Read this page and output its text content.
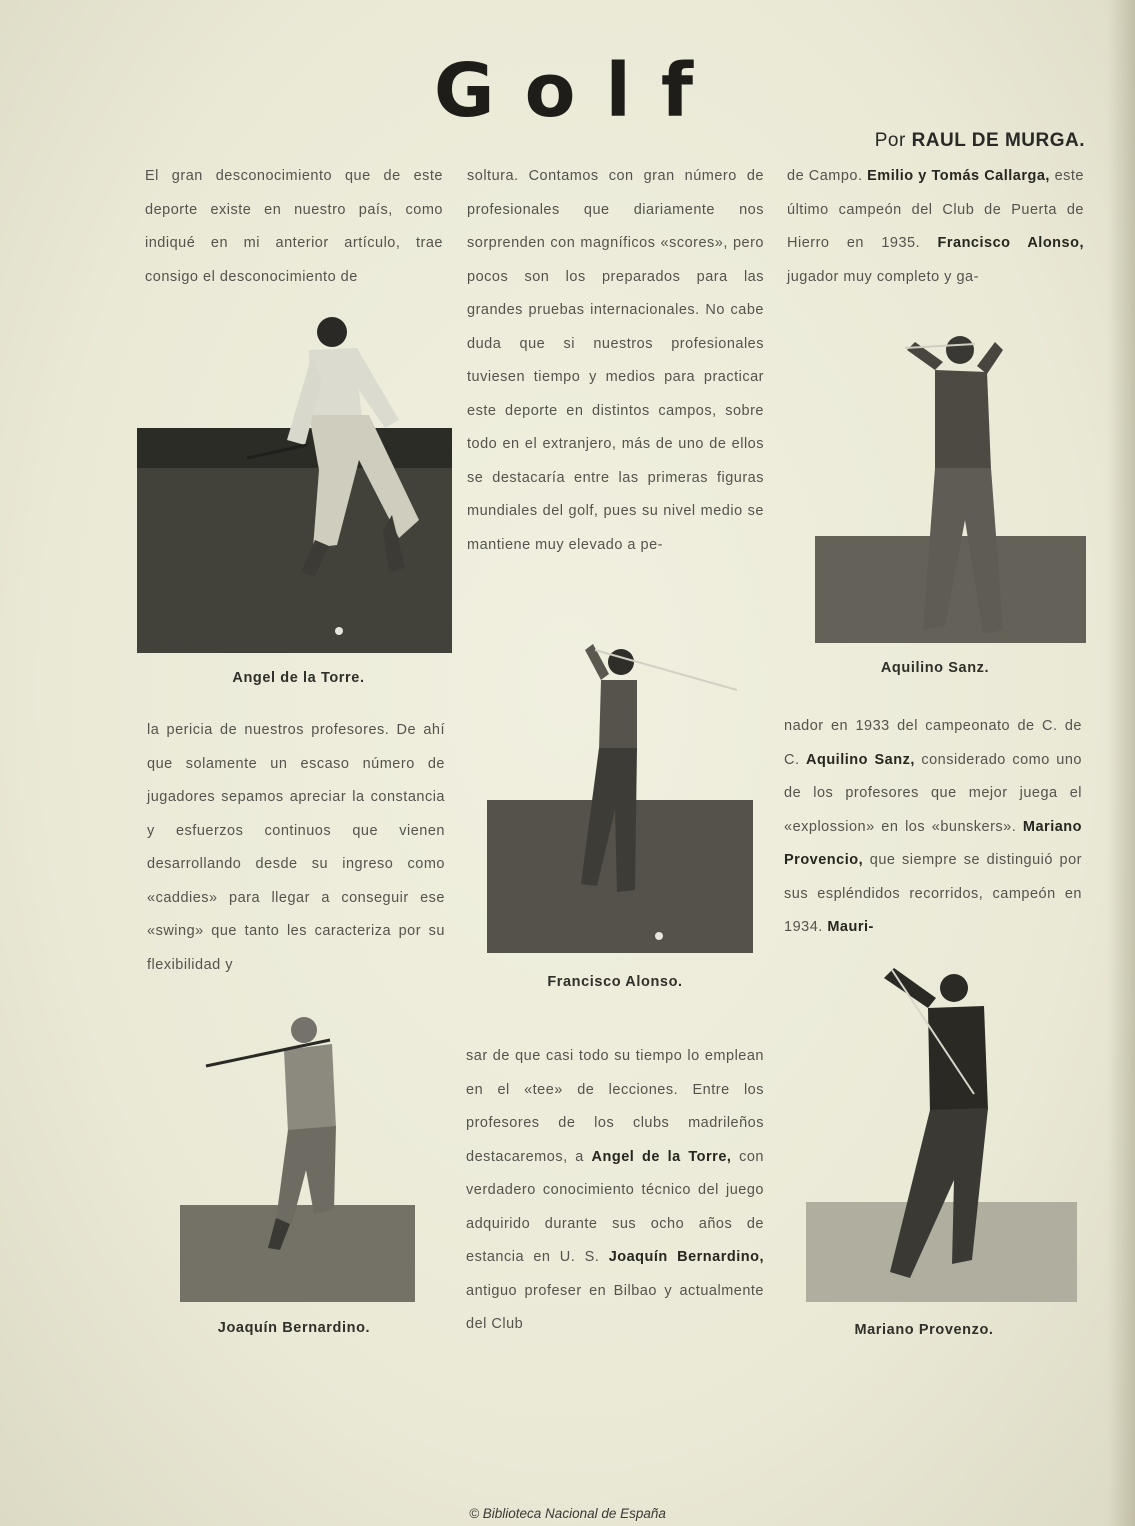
Golf
Por RAUL DE MURGA.
El gran desconocimiento que de este deporte existe en nuestro país, como indiqué en mi anterior artículo, trae consigo el desconocimiento de
soltura. Contamos con gran número de profesionales que diariamente nos sorprenden con magníficos «scores», pero pocos son los preparados para las grandes pruebas internacionales. No cabe duda que si nuestros profesionales tuviesen tiempo y medios para practicar este deporte en distintos campos, sobre todo en el extranjero, más de uno de ellos se destacaría entre las primeras figuras mundiales del golf, pues su nivel medio se mantiene muy elevado a pe-
de Campo. Emilio y Tomás Callarga, este último campeón del Club de Puerta de Hierro en 1935. Francisco Alonso, jugador muy completo y ga-
Angel de la Torre.
Aquilino Sanz.
la pericia de nuestros profesores. De ahí que solamente un escaso número de jugadores sepamos apreciar la constancia y esfuerzos continuos que vienen desarrollando desde su ingreso como «caddies» para llegar a conseguir ese «swing» que tanto les caracteriza por su flexibilidad y
Francisco Alonso.
nador en 1933 del campeonato de C. de C. Aquilino Sanz, considerado como uno de los profesores que mejor juega el «explossion» en los «bunskers». Mariano Provencio, que siempre se distinguió por sus espléndidos recorridos, campeón en 1934. Mauri-
Joaquín Bernardino.
sar de que casi todo su tiempo lo emplean en el «tee» de lecciones. Entre los profesores de los clubs madrileños destacaremos, a Angel de la Torre, con verdadero conocimiento técnico del juego adquirido durante sus ocho años de estancia en U. S. Joaquín Bernardino, antiguo profeser en Bilbao y actualmente del Club	Mariano Provenzo.
© Biblioteca Nacional de España
